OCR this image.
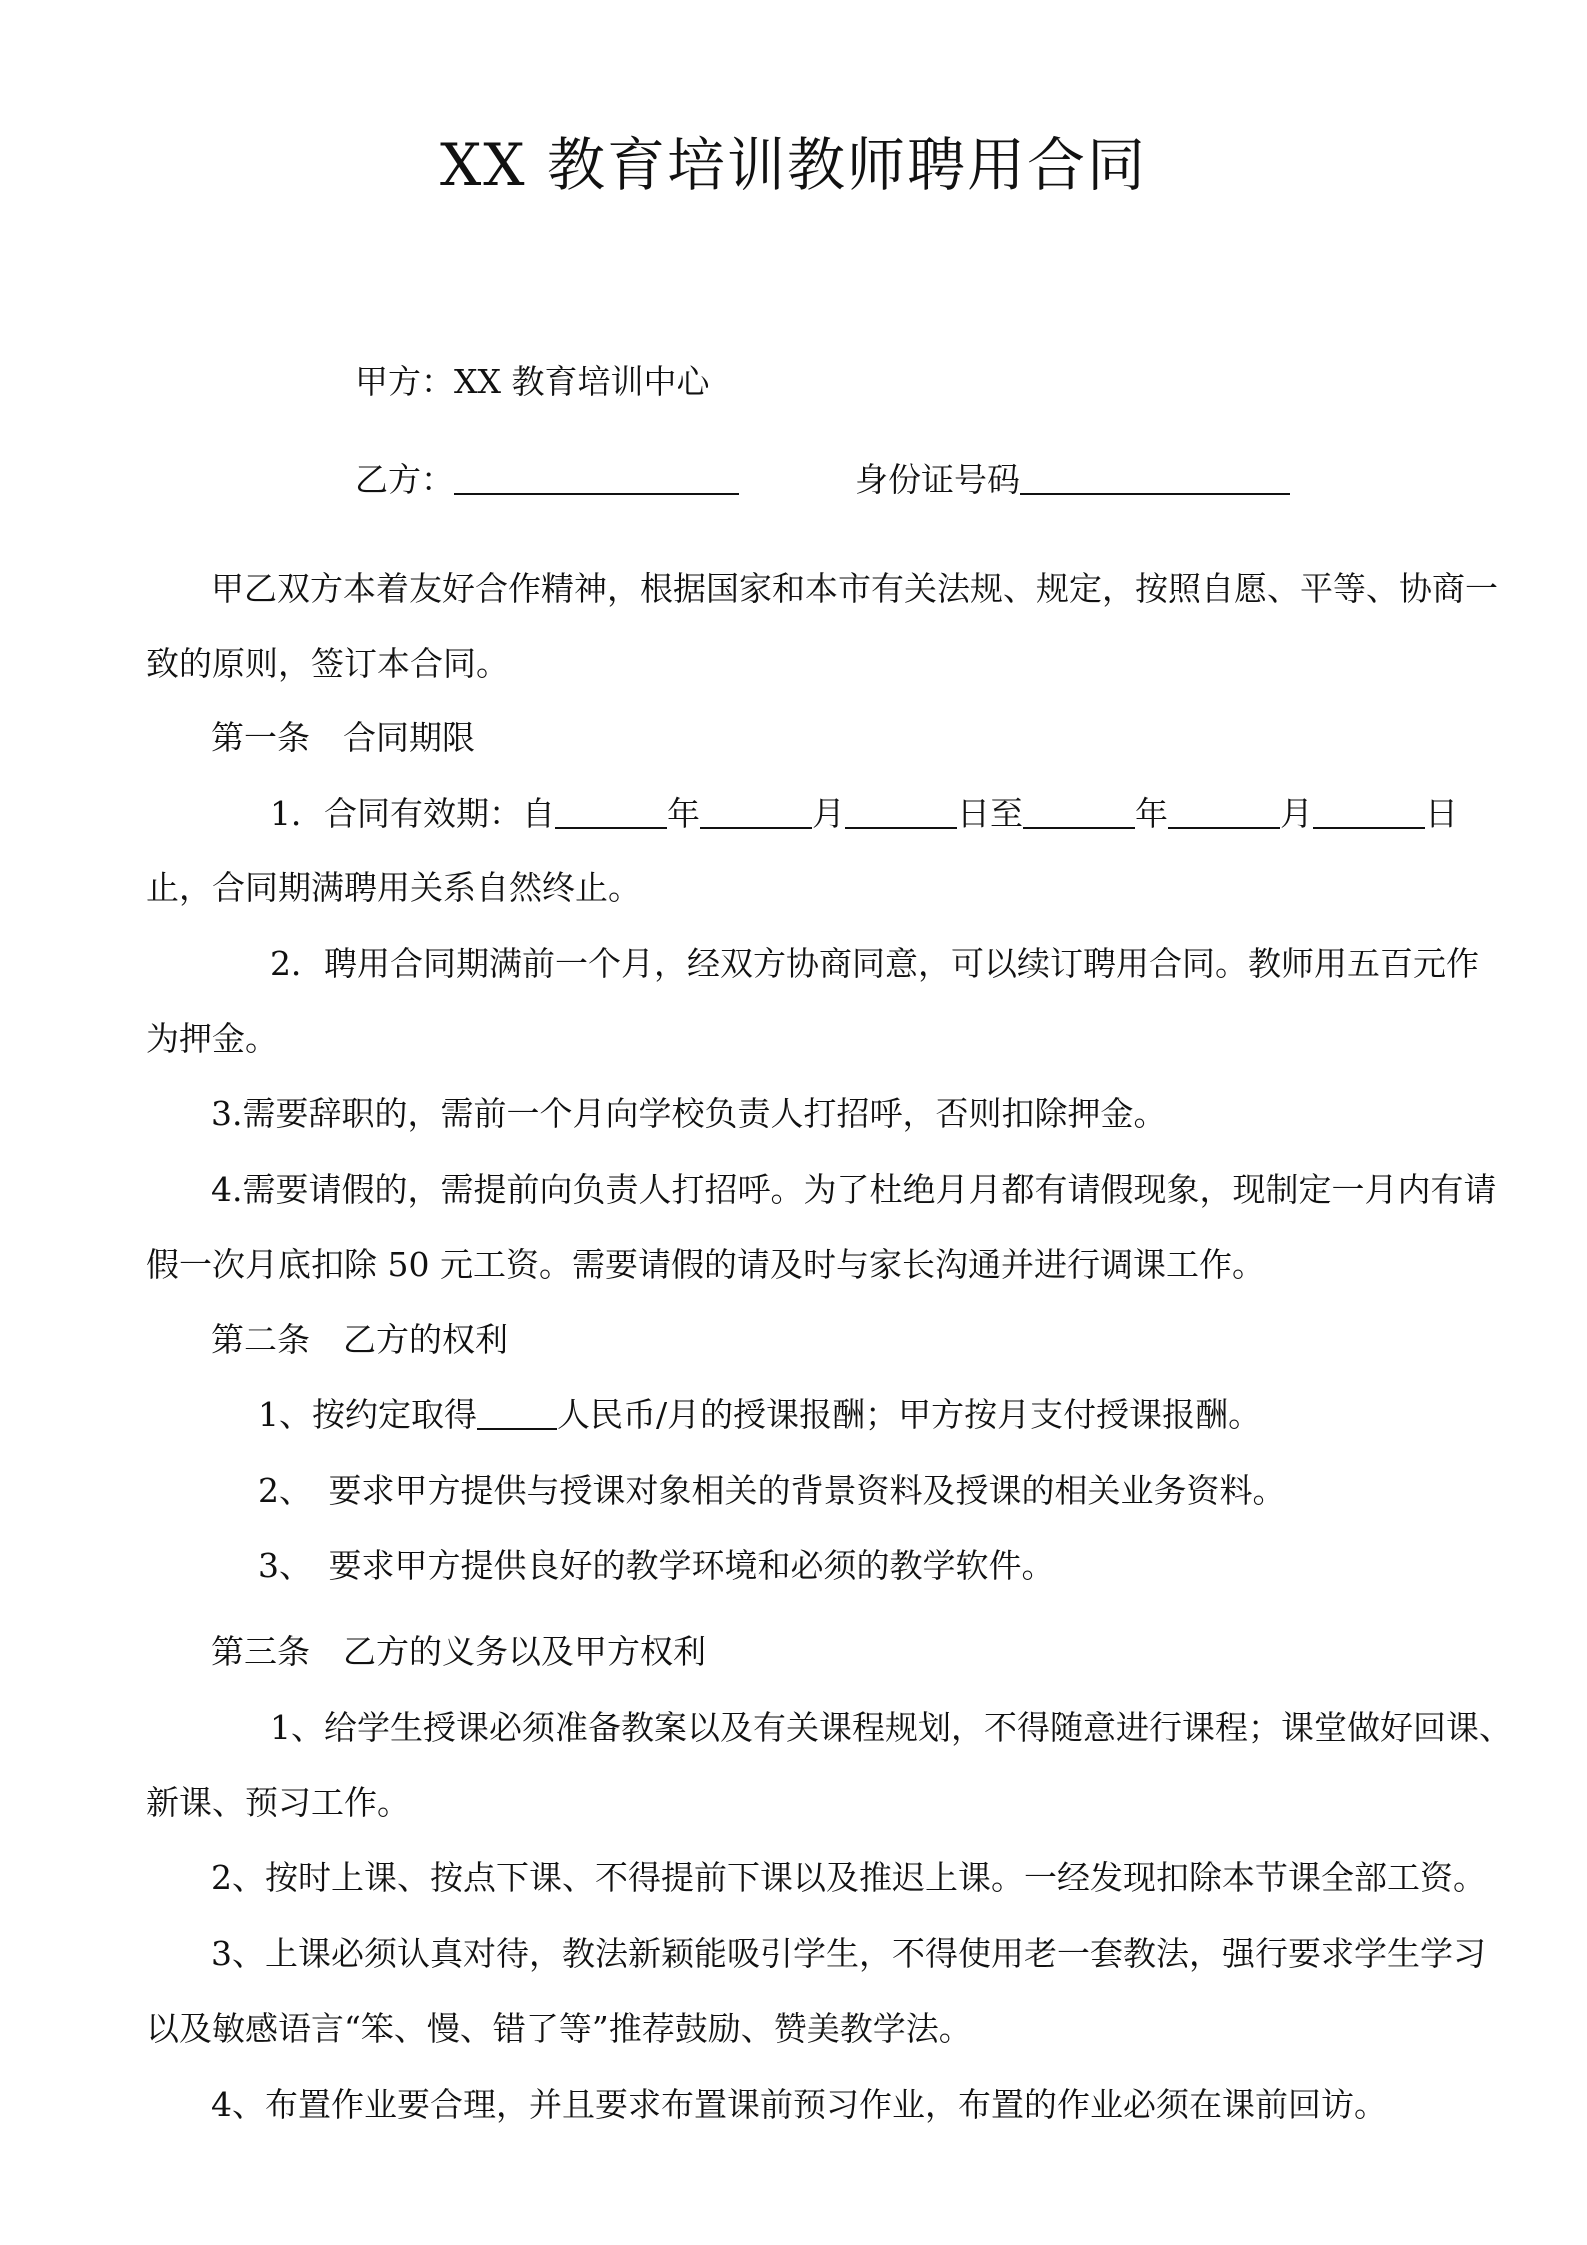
XX 教育培训教师聘用合同
甲方：XX 教育培训中心
乙方：	身份证号码
甲乙双方本着友好合作精神，根据国家和本市有关法规、规定，按照自愿、平等、协商一
致的原则，签订本合同。
第一条　合同期限
1．合同有效期：自	年	月	日至	年	月	日
止，合同期满聘用关系自然终止。
2．聘用合同期满前一个月，经双方协商同意，可以续订聘用合同。教师用五百元作
为押金。
3.需要辞职的，需前一个月向学校负责人打招呼，否则扣除押金。
4.需要请假的，需提前向负责人打招呼。为了杜绝月月都有请假现象，现制定一月内有请
假一次月底扣除 50 元工资。需要请假的请及时与家长沟通并进行调课工作。
第二条　乙方的权利
1、按约定取得 人民币/月的授课报酬；甲方按月支付授课报酬。
2、　要求甲方提供与授课对象相关的背景资料及授课的相关业务资料。
3、　要求甲方提供良好的教学环境和必须的教学软件。
第三条　乙方的义务以及甲方权利
1、给学生授课必须准备教案以及有关课程规划，不得随意进行课程；课堂做好回课、
新课、预习工作。
2、按时上课、按点下课、不得提前下课以及推迟上课。一经发现扣除本节课全部工资。
3、上课必须认真对待，教法新颖能吸引学生，不得使用老一套教法，强行要求学生学习
以及敏感语言“笨、慢、错了等”推荐鼓励、赞美教学法。
4、布置作业要合理，并且要求布置课前预习作业，布置的作业必须在课前回访。
